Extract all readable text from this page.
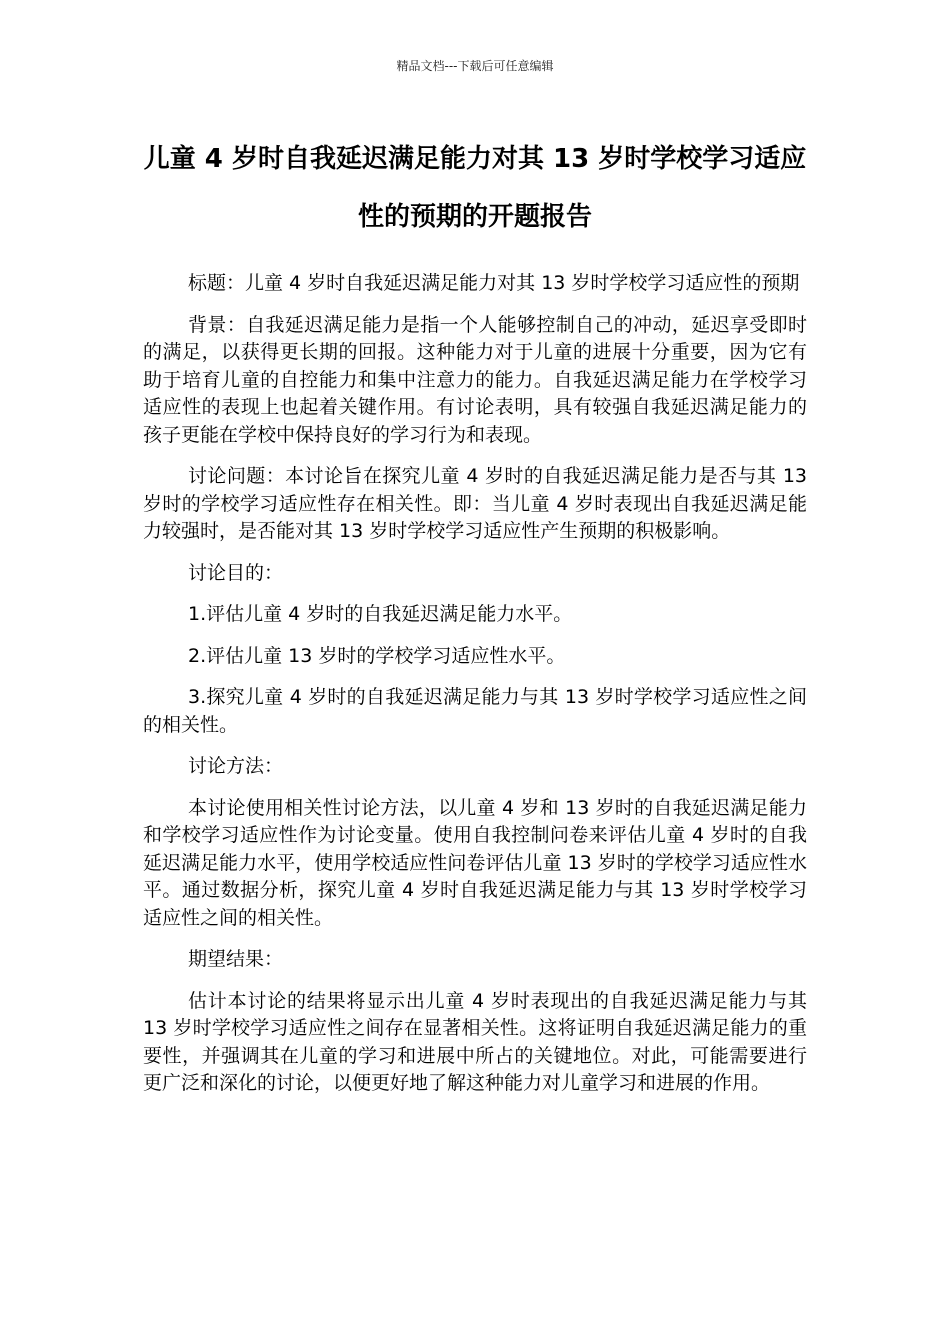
精品文档---下载后可任意编辑
儿童 4 岁时自我延迟满足能力对其 13 岁时学校学习适应性的预期的开题报告

标题：儿童 4 岁时自我延迟满足能力对其 13 岁时学校学习适应性的预期

背景：自我延迟满足能力是指一个人能够控制自己的冲动，延迟享受即时的满足，以获得更长期的回报。这种能力对于儿童的进展十分重要，因为它有助于培育儿童的自控能力和集中注意力的能力。自我延迟满足能力在学校学习适应性的表现上也起着关键作用。有讨论表明，具有较强自我延迟满足能力的孩子更能在学校中保持良好的学习行为和表现。

讨论问题：本讨论旨在探究儿童 4 岁时的自我延迟满足能力是否与其 13 岁时的学校学习适应性存在相关性。即：当儿童 4 岁时表现出自我延迟满足能力较强时，是否能对其 13 岁时学校学习适应性产生预期的积极影响。

讨论目的：

1.评估儿童 4 岁时的自我延迟满足能力水平。

2.评估儿童 13 岁时的学校学习适应性水平。

3.探究儿童 4 岁时的自我延迟满足能力与其 13 岁时学校学习适应性之间的相关性。

讨论方法：

本讨论使用相关性讨论方法，以儿童 4 岁和 13 岁时的自我延迟满足能力和学校学习适应性作为讨论变量。使用自我控制问卷来评估儿童 4 岁时的自我延迟满足能力水平，使用学校适应性问卷评估儿童 13 岁时的学校学习适应性水平。通过数据分析，探究儿童 4 岁时自我延迟满足能力与其 13 岁时学校学习适应性之间的相关性。

期望结果：

估计本讨论的结果将显示出儿童 4 岁时表现出的自我延迟满足能力与其 13 岁时学校学习适应性之间存在显著相关性。这将证明自我延迟满足能力的重要性，并强调其在儿童的学习和进展中所占的关键地位。对此，可能需要进行更广泛和深化的讨论，以便更好地了解这种能力对儿童学习和进展的作用。
